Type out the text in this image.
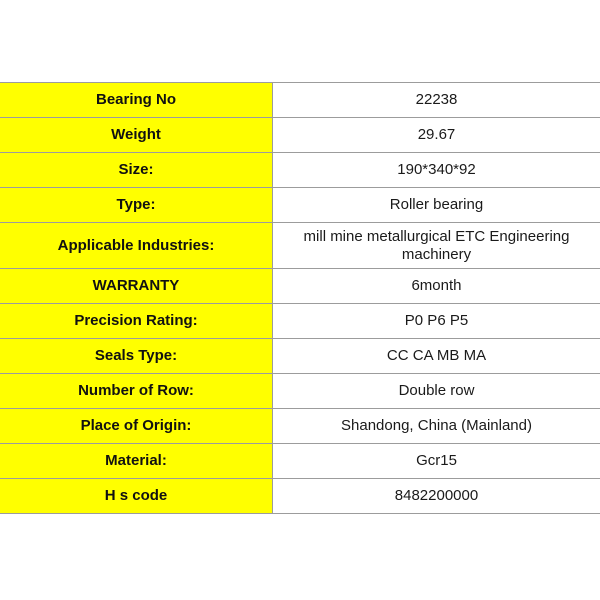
Bearing No	22238
Weight	29.67
Size:	190*340*92
Type:	Roller bearing
Applicable Industries:	mill mine metallurgical ETC Engineering machinery
WARRANTY	6month
Precision Rating:	P0 P6 P5
Seals Type:	CC CA MB MA
Number of Row:	Double row
Place of Origin:	Shandong, China (Mainland)
Material:	Gcr15
H s code	8482200000
